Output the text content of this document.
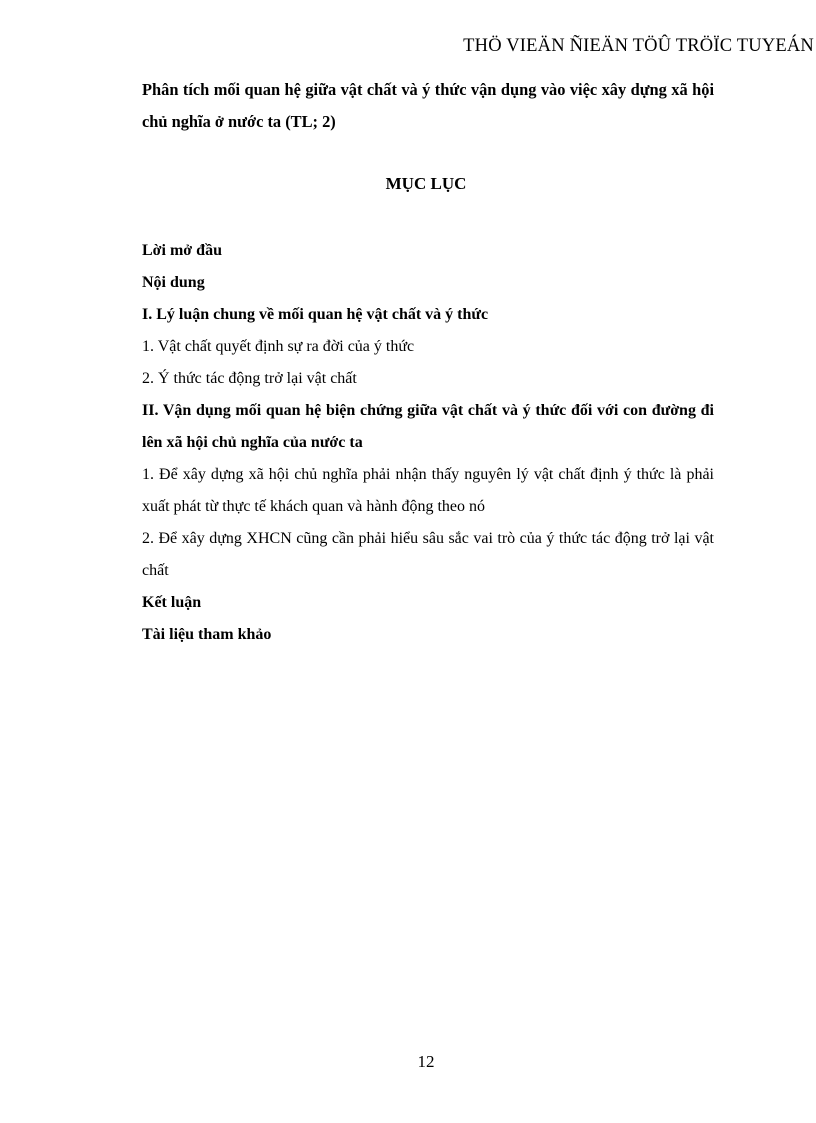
THÖ VIEÄN ÑIEÄN TÖÛ TRÖÏC TUYEÁN

Phân tích mối quan hệ giữa vật chất và ý thức vận dụng vào việc xây dựng xã hội chủ nghĩa ở nước ta (TL; 2)

MỤC LỤC

Lời mở đầu

Nội dung

I. Lý luận chung về mối quan hệ vật chất và ý thức

1. Vật chất quyết định sự ra đời của ý thức

2. Ý thức tác động trở lại vật chất

II. Vận dụng mối quan hệ biện chứng giữa vật chất và ý thức đối với con đường đi lên xã hội chủ nghĩa của nước ta

1. Để xây dựng xã hội chủ nghĩa phải nhận thấy nguyên lý vật chất định ý thức là phải xuất phát từ thực tế khách quan và hành động theo nó

2. Để xây dựng XHCN cũng cần phải hiểu sâu sắc vai trò của ý thức tác động trở lại vật chất

Kết luận

Tài liệu tham khảo

12
